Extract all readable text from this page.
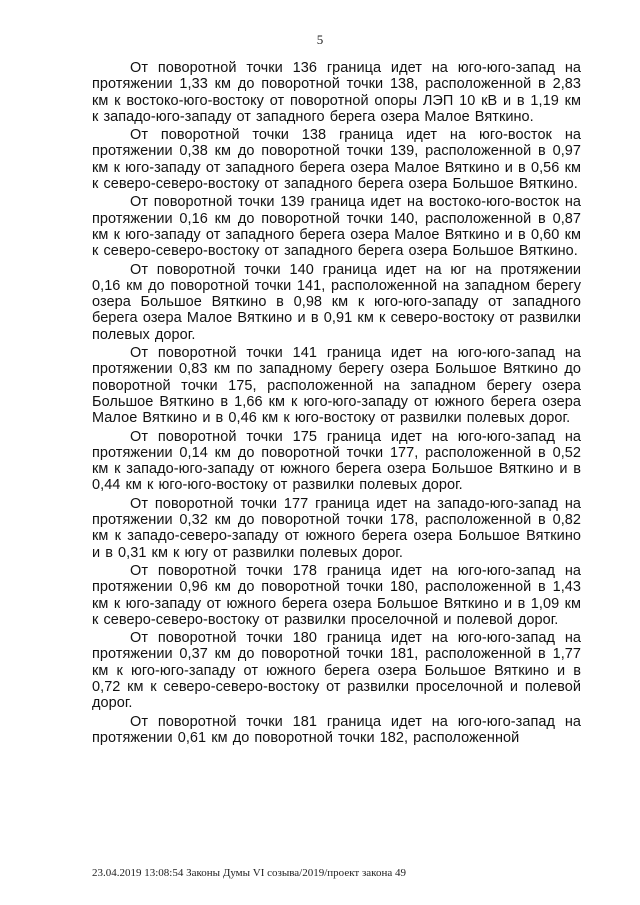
5

От поворотной точки 136 граница идет на юго-юго-запад на протяжении 1,33 км до поворотной точки 138, расположенной в 2,83 км к востоко-юго-востоку от поворотной опоры ЛЭП 10 кВ и в 1,19 км к западо-юго-западу от западного берега озера Малое Вяткино.

От поворотной точки 138 граница идет на юго-восток на протяжении 0,38 км до поворотной точки 139, расположенной в 0,97 км к юго-западу от западного берега озера Малое Вяткино и в 0,56 км к северо-северо-востоку от западного берега озера Большое Вяткино.

От поворотной точки 139 граница идет на востоко-юго-восток на протяжении 0,16 км до поворотной точки 140, расположенной в 0,87 км к юго-западу от западного берега озера Малое Вяткино и в 0,60 км к северо-северо-востоку от западного берега озера Большое Вяткино.

От поворотной точки 140 граница идет на юг на протяжении 0,16 км до поворотной точки 141, расположенной на западном берегу озера Большое Вяткино в 0,98 км к юго-юго-западу от западного берега озера Малое Вяткино и в 0,91 км к северо-востоку от развилки полевых дорог.

От поворотной точки 141 граница идет на юго-юго-запад на протяжении 0,83 км по западному берегу озера Большое Вяткино до поворотной точки 175, расположенной на западном берегу озера Большое Вяткино в 1,66 км к юго-юго-западу от южного берега озера Малое Вяткино и в 0,46 км к юго-востоку от развилки полевых дорог.

От поворотной точки 175 граница идет на юго-юго-запад на протяжении 0,14 км до поворотной точки 177, расположенной в 0,52 км к западо-юго-западу от южного берега озера Большое Вяткино и в 0,44 км к юго-юго-востоку от развилки полевых дорог.

От поворотной точки 177 граница идет на западо-юго-запад на протяжении 0,32 км до поворотной точки 178, расположенной в 0,82 км к западо-северо-западу от южного берега озера Большое Вяткино и в 0,31 км к югу от развилки полевых дорог.

От поворотной точки 178 граница идет на юго-юго-запад на протяжении 0,96 км до поворотной точки 180, расположенной в 1,43 км к юго-западу от южного берега озера Большое Вяткино и в 1,09 км к северо-северо-востоку от развилки проселочной и полевой дорог.

От поворотной точки 180 граница идет на юго-юго-запад на протяжении 0,37 км до поворотной точки 181, расположенной в 1,77 км к юго-юго-западу от южного берега озера Большое Вяткино и в 0,72 км к северо-северо-востоку от развилки проселочной и полевой дорог.

От поворотной точки 181 граница идет на юго-юго-запад на протяжении 0,61 км до поворотной точки 182, расположенной

23.04.2019 13:08:54 Законы Думы VI созыва/2019/проект закона 49
